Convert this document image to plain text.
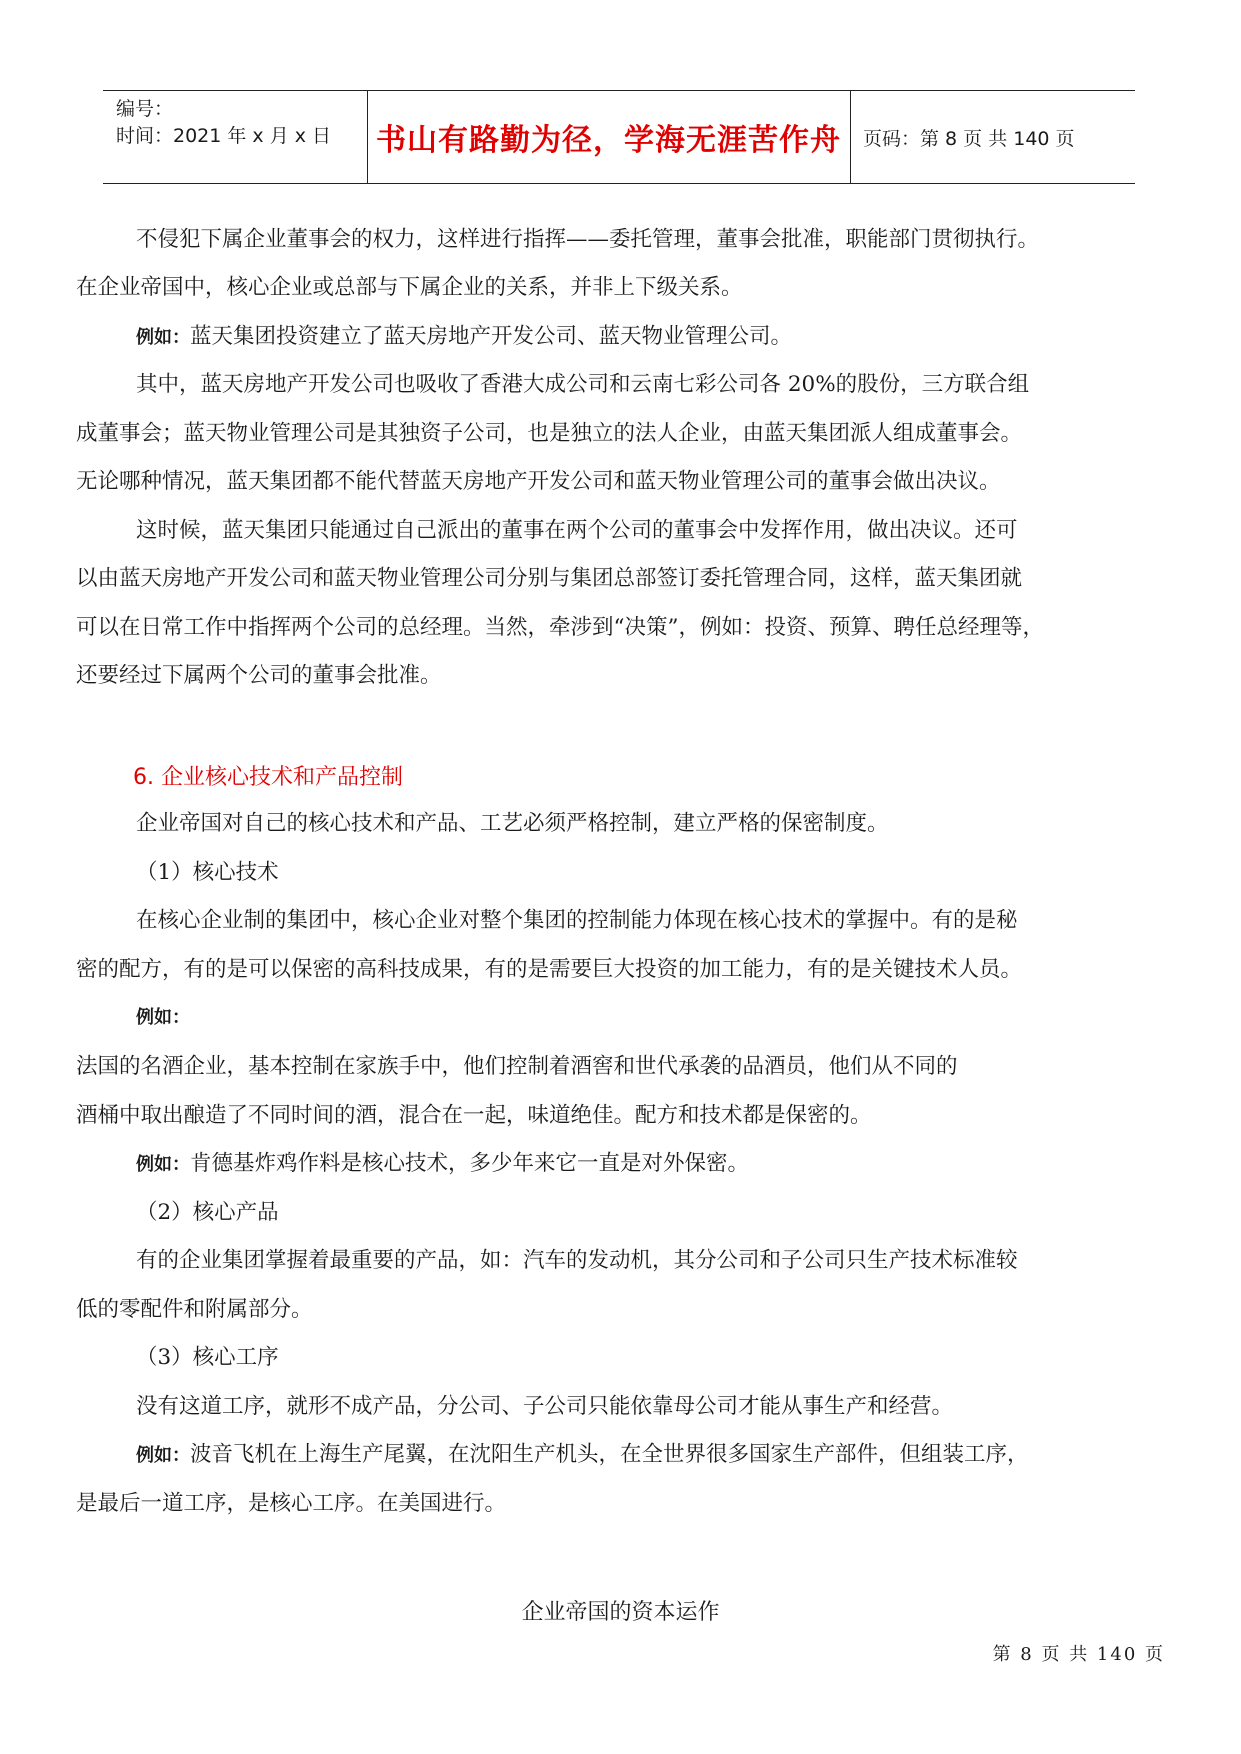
编号：
时间：2021 年 x 月 x 日	书山有路勤为径，学海无涯苦作舟	页码：第 8 页 共 140 页
不侵犯下属企业董事会的权力，这样进行指挥——委托管理，董事会批准，职能部门贯彻执行。
在企业帝国中，核心企业或总部与下属企业的关系，并非上下级关系。
例如：蓝天集团投资建立了蓝天房地产开发公司、蓝天物业管理公司。
其中，蓝天房地产开发公司也吸收了香港大成公司和云南七彩公司各 20%的股份，三方联合组
成董事会；蓝天物业管理公司是其独资子公司，也是独立的法人企业，由蓝天集团派人组成董事会。
无论哪种情况，蓝天集团都不能代替蓝天房地产开发公司和蓝天物业管理公司的董事会做出决议。
这时候，蓝天集团只能通过自己派出的董事在两个公司的董事会中发挥作用，做出决议。还可
以由蓝天房地产开发公司和蓝天物业管理公司分别与集团总部签订委托管理合同，这样，蓝天集团就
可以在日常工作中指挥两个公司的总经理。当然，牵涉到“决策”，例如：投资、预算、聘任总经理等，
还要经过下属两个公司的董事会批准。
6. 企业核心技术和产品控制
企业帝国对自己的核心技术和产品、工艺必须严格控制，建立严格的保密制度。
（1）核心技术
在核心企业制的集团中，核心企业对整个集团的控制能力体现在核心技术的掌握中。有的是秘
密的配方，有的是可以保密的高科技成果，有的是需要巨大投资的加工能力，有的是关键技术人员。
例如：
法国的名酒企业，基本控制在家族手中，他们控制着酒窖和世代承袭的品酒员，他们从不同的
酒桶中取出酿造了不同时间的酒，混合在一起，味道绝佳。配方和技术都是保密的。
例如：肯德基炸鸡作料是核心技术，多少年来它一直是对外保密。
（2）核心产品
有的企业集团掌握着最重要的产品，如：汽车的发动机，其分公司和子公司只生产技术标准较
低的零配件和附属部分。
（3）核心工序
没有这道工序，就形不成产品，分公司、子公司只能依靠母公司才能从事生产和经营。
例如：波音飞机在上海生产尾翼，在沈阳生产机头，在全世界很多国家生产部件，但组装工序，
是最后一道工序，是核心工序。在美国进行。
企业帝国的资本运作
第 8 页 共 140 页
